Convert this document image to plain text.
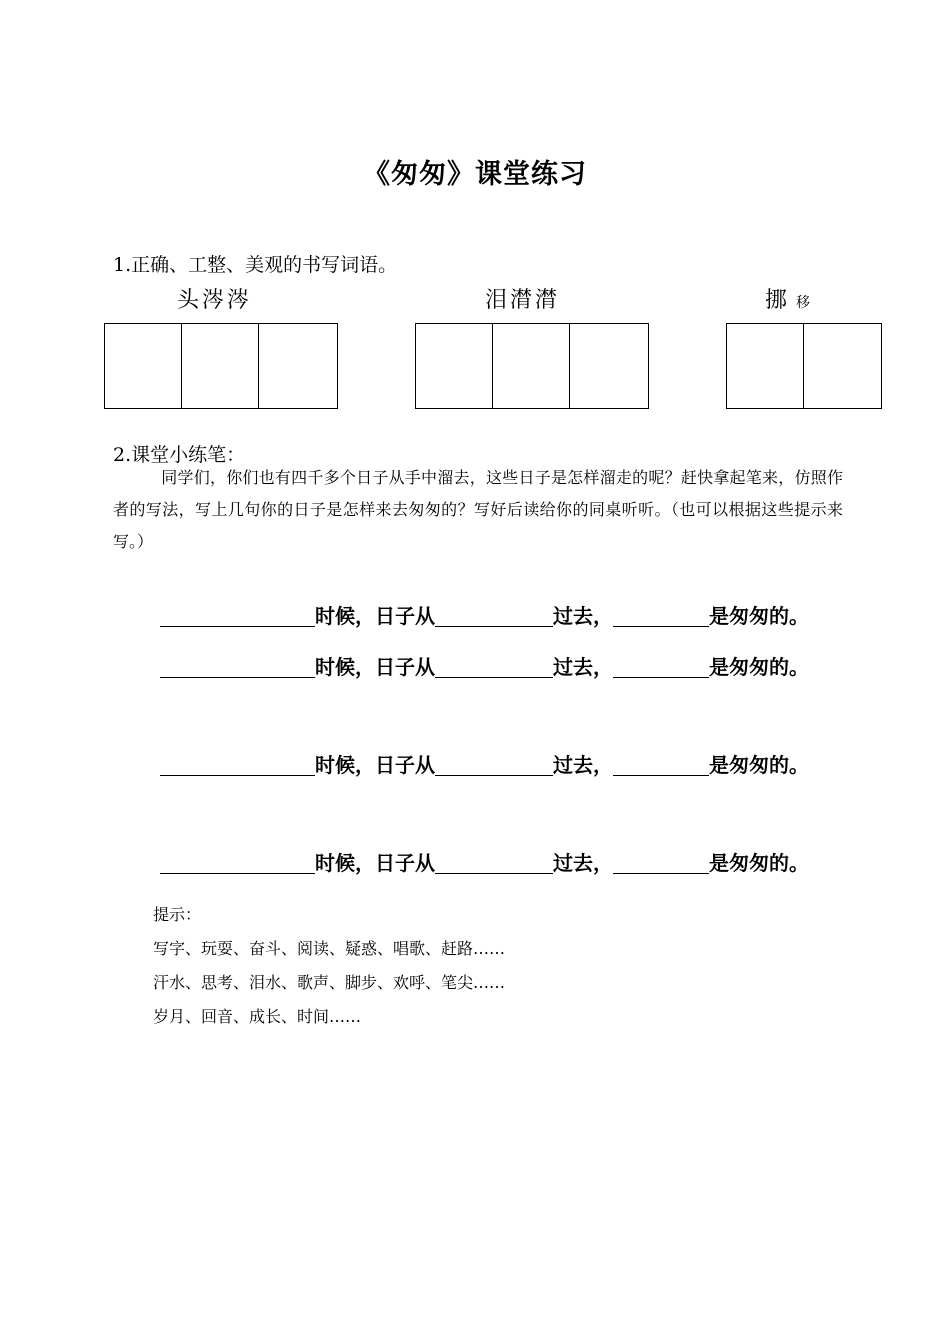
《匆匆》课堂练习
1.正确、工整、美观的书写词语。
头涔涔	泪潸潸	挪移
2.课堂小练笔：
同学们，你们也有四千多个日子从手中溜去，这些日子是怎样溜走的呢？赶快拿起笔来，仿照作者的写法，写上几句你的日子是怎样来去匆匆的？写好后读给你的同桌听听。（也可以根据这些提示来写。）
时候，日子从	过去，	是匆匆的。
时候，日子从	过去，	是匆匆的。
时候，日子从	过去，	是匆匆的。
时候，日子从	过去，	是匆匆的。
提示：
写字、玩耍、奋斗、阅读、疑惑、唱歌、赶路……
汗水、思考、泪水、歌声、脚步、欢呼、笔尖……
岁月、回音、成长、时间……
